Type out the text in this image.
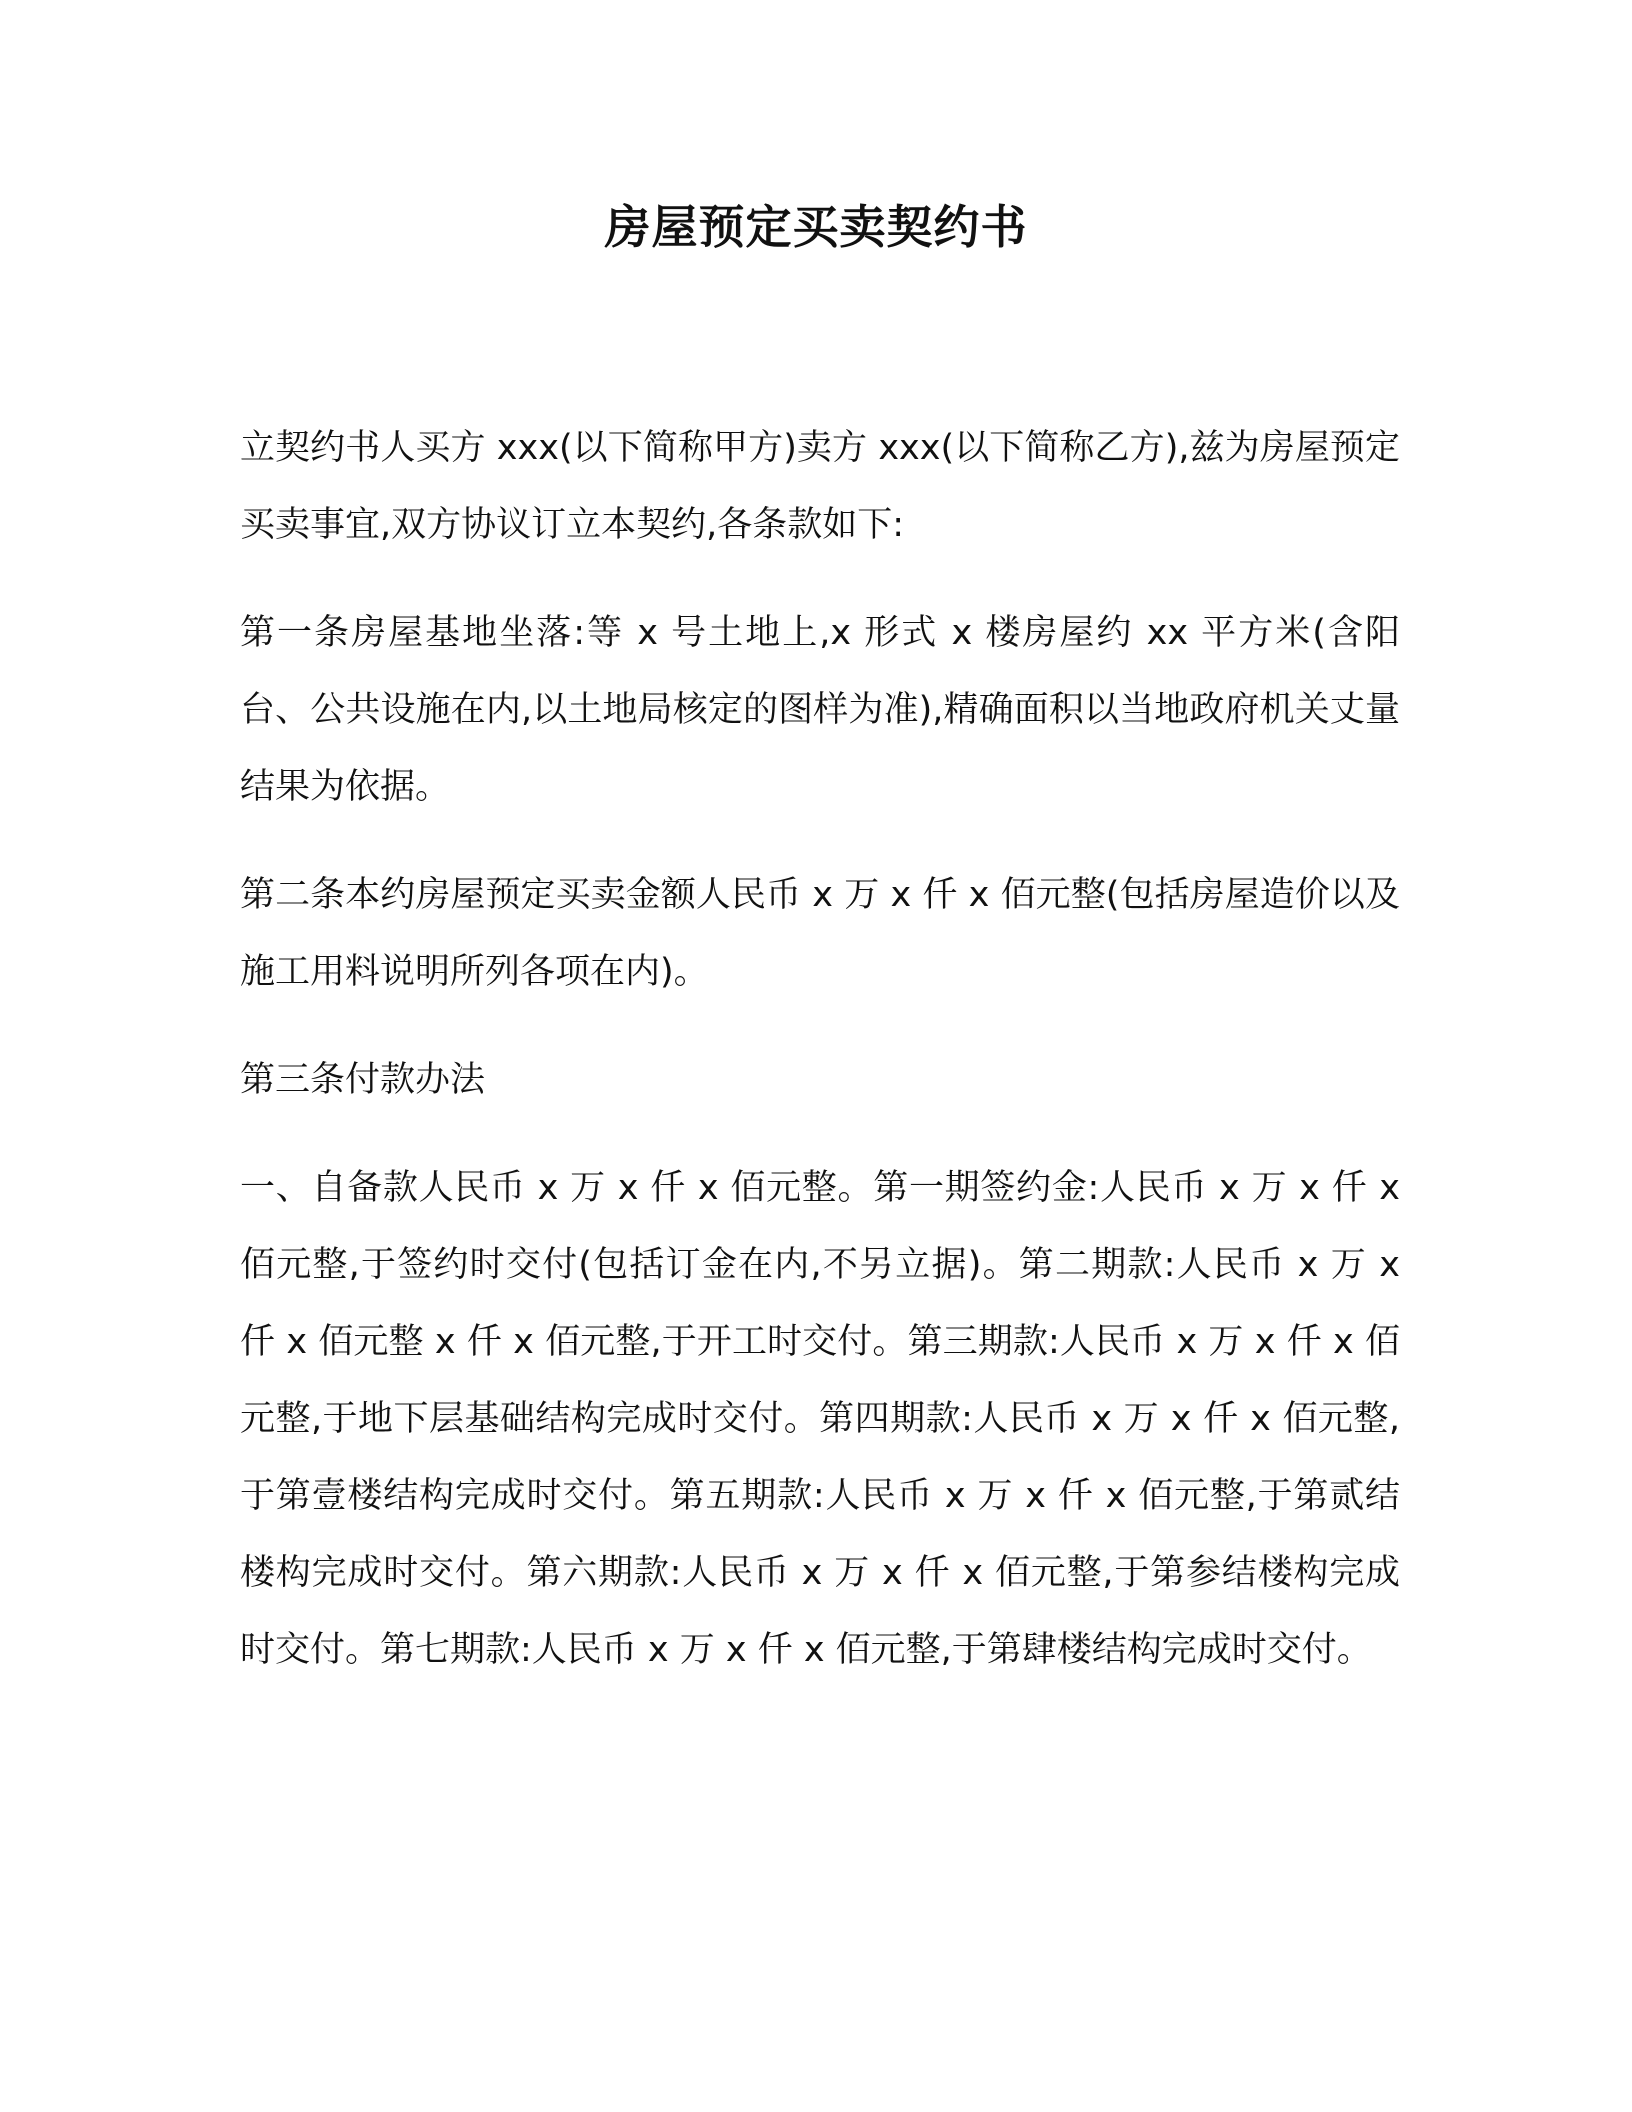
房屋预定买卖契约书

立契约书人买方 xxx(以下简称甲方)卖方 xxx(以下简称乙方),兹为房屋预定买卖事宜,双方协议订立本契约,各条款如下:

第一条房屋基地坐落:等 x 号土地上,x 形式 x 楼房屋约 xx 平方米(含阳台、公共设施在内,以土地局核定的图样为准),精确面积以当地政府机关丈量结果为依据。

第二条本约房屋预定买卖金额人民币 x 万 x 仟 x 佰元整(包括房屋造价以及施工用料说明所列各项在内)。

第三条付款办法

一、自备款人民币 x 万 x 仟 x 佰元整。第一期签约金:人民币 x 万 x 仟 x 佰元整,于签约时交付(包括订金在内,不另立据)。第二期款:人民币 x 万 x 仟 x 佰元整 x 仟 x 佰元整,于开工时交付。第三期款:人民币 x 万 x 仟 x 佰元整,于地下层基础结构完成时交付。第四期款:人民币 x 万 x 仟 x 佰元整,于第壹楼结构完成时交付。第五期款:人民币 x 万 x 仟 x 佰元整,于第贰结楼构完成时交付。第六期款:人民币 x 万 x 仟 x 佰元整,于第参结楼构完成时交付。第七期款:人民币 x 万 x 仟 x 佰元整,于第肆楼结构完成时交付。
